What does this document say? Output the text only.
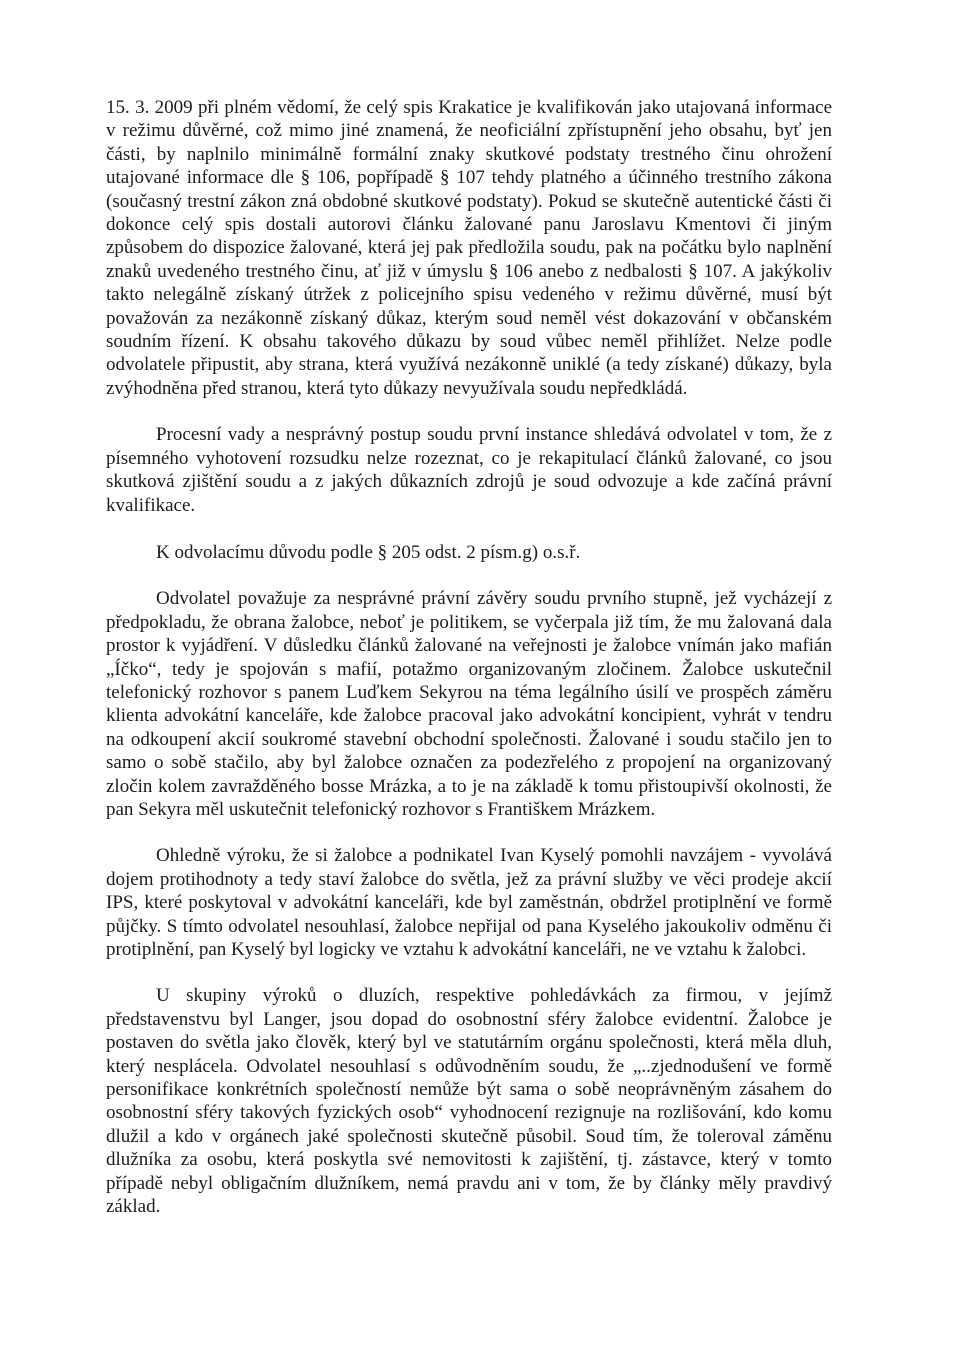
15. 3. 2009 při plném vědomí, že celý spis Krakatice je kvalifikován jako utajovaná informace v režimu důvěrné, což mimo jiné znamená, že neoficiální zpřístupnění jeho obsahu, byť jen části, by naplnilo minimálně formální znaky skutkové podstaty trestného činu ohrožení utajované informace dle § 106, popřípadě § 107 tehdy platného a účinného trestního zákona (současný trestní zákon zná obdobné skutkové podstaty). Pokud se skutečně autentické části či dokonce celý spis dostali autorovi článku žalované panu Jaroslavu Kmentovi či jiným způsobem do dispozice žalované, která jej pak předložila soudu, pak na počátku bylo naplnění znaků uvedeného trestného činu, ať již v úmyslu § 106 anebo z nedbalosti § 107. A jakýkoliv takto nelegálně získaný útržek z policejního spisu vedeného v režimu důvěrné, musí být považován za nezákonně získaný důkaz, kterým soud neměl vést dokazování v občanském soudním řízení. K obsahu takového důkazu by soud vůbec neměl přihlížet. Nelze podle odvolatele připustit, aby strana, která využívá nezákonně uniklé (a tedy získané) důkazy, byla zvýhodněna před stranou, která tyto důkazy nevyužívala soudu nepředkládá.

Procesní vady a nesprávný postup soudu první instance shledává odvolatel v tom, že z písemného vyhotovení rozsudku nelze rozeznat, co je rekapitulací článků žalované, co jsou skutková zjištění soudu a z jakých důkazních zdrojů je soud odvozuje a kde začíná právní kvalifikace.

K odvolacímu důvodu podle § 205 odst. 2 písm.g) o.s.ř.

Odvolatel považuje za nesprávné právní závěry soudu prvního stupně, jež vycházejí z předpokladu, že obrana žalobce, neboť je politikem, se vyčerpala již tím, že mu žalovaná dala prostor k vyjádření. V důsledku článků žalované na veřejnosti je žalobce vnímán jako mafián „Íčko“, tedy je spojován s mafií, potažmo organizovaným zločinem. Žalobce uskutečnil telefonický rozhovor s panem Luďkem Sekyrou na téma legálního úsilí ve prospěch záměru klienta advokátní kanceláře, kde žalobce pracoval jako advokátní koncipient, vyhrát v tendru na odkoupení akcií soukromé stavební obchodní společnosti. Žalované i soudu stačilo jen to samo o sobě stačilo, aby byl žalobce označen za podezřelého z propojení na organizovaný zločin kolem zavražděného bosse Mrázka, a to je na základě k tomu přistoupivší okolnosti, že pan Sekyra měl uskutečnit telefonický rozhovor s Františkem Mrázkem.

Ohledně výroku, že si žalobce a podnikatel Ivan Kyselý pomohli navzájem - vyvolává dojem protihodnoty a tedy staví žalobce do světla, jež za právní služby ve věci prodeje akcií IPS, které poskytoval v advokátní kanceláři, kde byl zaměstnán, obdržel protiplnění ve formě půjčky. S tímto odvolatel nesouhlasí, žalobce nepřijal od pana Kyselého jakoukoliv odměnu či protiplnění, pan Kyselý byl logicky ve vztahu k advokátní kanceláři, ne ve vztahu k žalobci.

U skupiny výroků o dluzích, respektive pohledávkách za firmou, v jejímž představenstvu byl Langer, jsou dopad do osobnostní sféry žalobce evidentní. Žalobce je postaven do světla jako člověk, který byl ve statutárním orgánu společnosti, která měla dluh, který nesplácela. Odvolatel nesouhlasí s odůvodněním soudu, že „..zjednodušení ve formě personifikace konkrétních společností nemůže být sama o sobě neoprávněným zásahem do osobnostní sféry takových fyzických osob“ vyhodnocení rezignuje na rozlišování, kdo komu dlužil a kdo v orgánech jaké společnosti skutečně působil. Soud tím, že toleroval záměnu dlužníka za osobu, která poskytla své nemovitosti k zajištění, tj. zástavce, který v tomto případě nebyl obligačním dlužníkem, nemá pravdu ani v tom, že by články měly pravdivý základ.
